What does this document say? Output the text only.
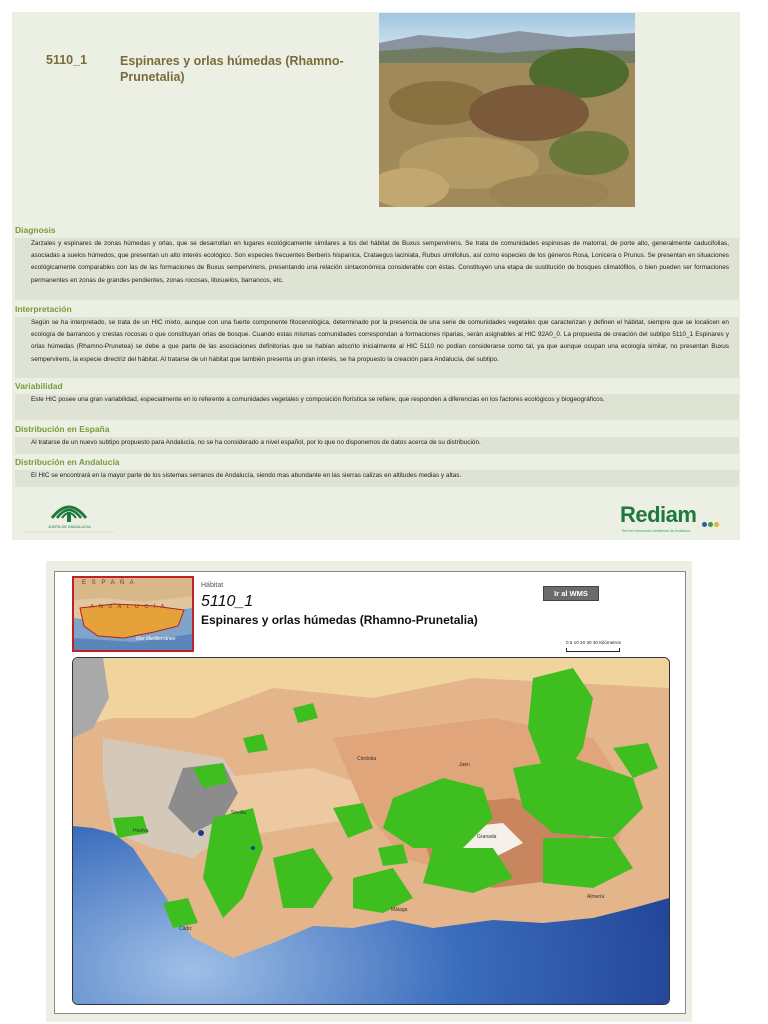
5110_1	Espinares y orlas húmedas (Rhamno-Prunetalia)
Diagnosis
Zarzales y espinares de zonas húmedas y orlas, que se desarrollan en lugares ecológicamente similares a los del hábitat de Buxus sempervirens. Se trata de comunidades espinosas de matorral, de porte alto, generalmente caducifolias, asociadas a suelos húmedos, que presentan un alto interés ecológico. Son especies frecuentes Berberis hispanica, Crataegus laciniata, Rubus ulmifolius, así como especies de los géneros Rosa, Lonicera o Prunus. Se presentan en situaciones ecológicamente comparables con las de las formaciones de Buxus sempervirens, presentando una relación sintaxonómica considerable con éstas. Constituyen una etapa de sustitución de bosques climatófilos, o bien pueden ser formaciones permanentes en zonas de grandes pendientes, zonas rocosas, litosuelos, barrancos, etc.
Interpretación
Según se ha interpretado, se trata de un HIC mixto, aunque con una fuerte componente fitocenológica, determinado por la presencia de una serie de comunidades vegetales que caracterizan y definen el hábitat, siempre que se localicen en ecología de barrancos y crestas rocosas o que constituyan orlas de bosque. Cuando estas mismas comunidades correspondan a formaciones riparias, serán asignables al HIC 92A0_0. La propuesta de creación del subtipo 5110_1 Espinares y orlas húmedas (Rhamno-Prunetea) se debe a que parte de las asociaciones definitorias que se habían adscrito inicialmente al HIC 5110 no podían considerarse como tal, ya que aunque ocupan una ecología similar, no presentan Buxus sempervirens, la especie directriz del hábitat. Al tratarse de un hábitat que también presenta un gran interés, se ha propuesto la creación para Andalucía, del subtipo.
Variabilidad
Este HIC posee una gran variabilidad, especialmente en lo referente a comunidades vegetales y composición florística se refiere, que responden a diferencias en los factores ecológicos y biogeográficos.
Distribución en España
Al tratarse de un nuevo subtipo propuesto para Andalucía, no se ha considerado a nivel español, por lo que no disponemos de datos acerca de su distribución.
Distribución en Andalucía
El HIC se encontrará en la mayor parte de los sistemas serranos de Andalucía, siendo mas abundante en las sierras calizas en altitudes medias y altas.
JUNTA DE ANDALUCIA	Rediam
Red de Información Ambiental de Andalucía
E S P A Ñ A
A N D A L U C Í A
Mar Mediterráneo
Hábitat
5110_1
Espinares y orlas húmedas (Rhamno-Prunetalia)
Ir al WMS
0 5 10 20 30 40 Kilómetros
Córdoba
Jaén
Sevilla
Huelva
Granada
Almería
Málaga
Cádiz
